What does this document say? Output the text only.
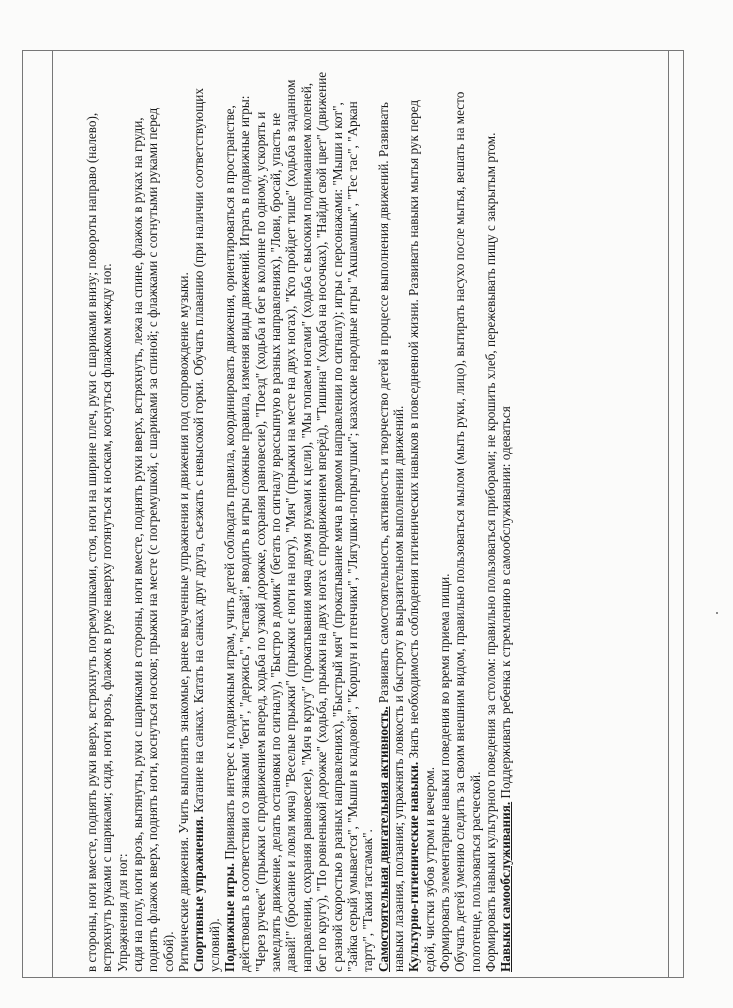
в стороны, ноги вместе, поднять руки вверх, встряхнуть погремушками, стоя, ноги на ширине плеч, руки с шариками внизу; повороты направо (налево), встряхнуть руками с шариками; сидя, ноги врозь, флажок в руке наверху потянуться к носкам, коснуться флажком между ног. Упражнения для ног: сидя на полу, ноги врозь, вытянуты, руки с шариками в стороны, ноги вместе, поднять руки вверх, встряхнуть, лежа на спине, флажок в руках на груди, поднять флажок вверх, поднять ноги, коснуться носков; прыжки на месте (с погремушкой, с шариками за спиной; с флажками с согнутыми руками перед собой). Ритмические движения. Учить выполнять знакомые, ранее выученные упражнения и движения под сопровождение музыки. Спортивные упражнения. Катание на санках. Катать на санках друг друга, съезжать с невысокой горки. Обучать плаванию (при наличии соответствующих условий). Подвижные игры. Прививать интерес к подвижным играм, учить детей соблюдать правила, координировать движения, ориентироваться в пространстве, действовать в соответствии со знаками "беги", "держись", "вставай", вводить в игры сложные правила, изменяя виды движений. Играть в подвижные игры: "Через ручеек" (прыжки с продвижением вперед, ходьба по узкой дорожке, сохраняя равновесие), "Поезд" (ходьба и бег в колонне по одному, ускорять и замедлять движение, делать остановки по сигналу), "Быстро в домик" (бегать по сигналу врассыпную в разных направлениях), "Лови, бросай, упасть не давай!" (бросание и ловля мяча) "Веселые прыжки" (прыжки с ноги на ногу), "Мяч" (прыжки на месте на двух ногах), "Кто пройдет тише" (ходьба в заданном направлении, сохраняя равновесие), "Мяч в кругу" (прокатывания мяча двумя руками к цели), "Мы топаем ногами" (ходьба с высоким подниманием коленей, бег по кругу), "По ровненькой дорожке" (ходьба, прыжки на двух ногах с продвижением вперёд), "Тишина" (ходьба на носочках), "Найди свой цвет" (движение с разной скоростью в разных направлениях), "Быстрый мяч" (прокатывание мяча в прямом направлении по сигналу); игры с персонажами: "Мыши и кот", "Зайка серый умывается", "Мыши в кладовой", "Коршун и птенчики", "Лягушки-попрыгушки"; казахские народные игры "Акшамшык", "Тес тас", "Аркан тарту", "Такия тастамак". Самостоятельная двигательная активность. Развивать самостоятельность, активность и творчество детей в процессе выполнения движений. Развивать навыки лазания, ползания; упражнять ловкость и быстроту в выразительном выполнении движений. Культурно-гигиенические навыки. Знать необходимость соблюдения гигиенических навыков в повседневной жизни. Развивать навыки мытья рук перед едой, чистки зубов утром и вечером. Формировать элементарные навыки поведения во время приема пищи. Обучать детей умению следить за своим внешним видом, правильно пользоваться мылом (мыть руки, лицо), вытирать насухо после мытья, вешать на место полотенце, пользоваться расческой. Формировать навыки культурного поведения за столом: правильно пользоваться приборами; не крошить хлеб, пережевывать пищу с закрытым ртом. Навыки самообслуживания. Поддерживать ребенка к стремлению в самообслуживании: одеваться
